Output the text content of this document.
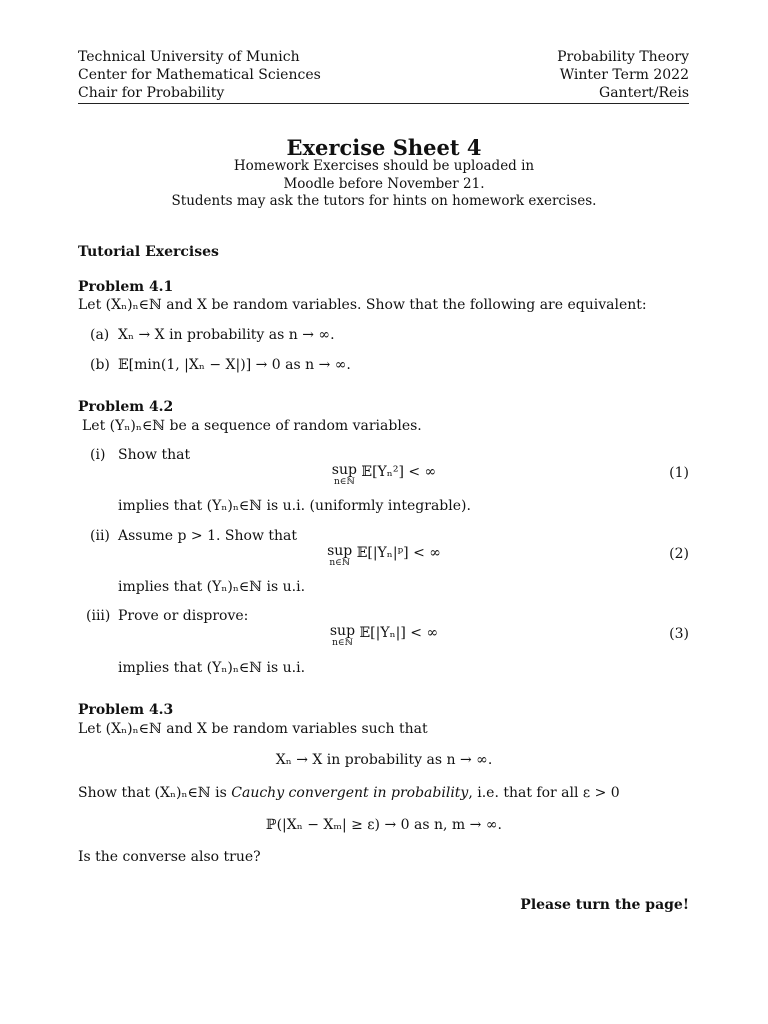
Technical University of Munich
Center for Mathematical Sciences
Chair for Probability
Probability Theory
Winter Term 2022
Gantert/Reis
Exercise Sheet 4
Homework Exercises should be uploaded in
Moodle before November 21.
Students may ask the tutors for hints on homework exercises.
Tutorial Exercises
Problem 4.1
Let (Xₙ)ₙ∈ℕ and X be random variables. Show that the following are equivalent:
(a) Xₙ → X in probability as n → ∞.
(b) 𝔼[min(1, |Xₙ − X|)] → 0 as n → ∞.
Problem 4.2
Let (Yₙ)ₙ∈ℕ be a sequence of random variables.
(i) Show that
sup
n∈ℕ
𝔼[Yₙ²] < ∞	(1)
implies that (Yₙ)ₙ∈ℕ is u.i. (uniformly integrable).
(ii) Assume p > 1. Show that
sup
n∈ℕ
𝔼[|Yₙ|ᵖ] < ∞	(2)
implies that (Yₙ)ₙ∈ℕ is u.i.
(iii) Prove or disprove:
sup
n∈ℕ
𝔼[|Yₙ|] < ∞	(3)
implies that (Yₙ)ₙ∈ℕ is u.i.
Problem 4.3
Let (Xₙ)ₙ∈ℕ and X be random variables such that
Xₙ → X in probability as n → ∞.
Show that (Xₙ)ₙ∈ℕ is Cauchy convergent in probability, i.e. that for all ε > 0
ℙ(|Xₙ − Xₘ| ≥ ε) → 0 as n, m → ∞.
Is the converse also true?
Please turn the page!
